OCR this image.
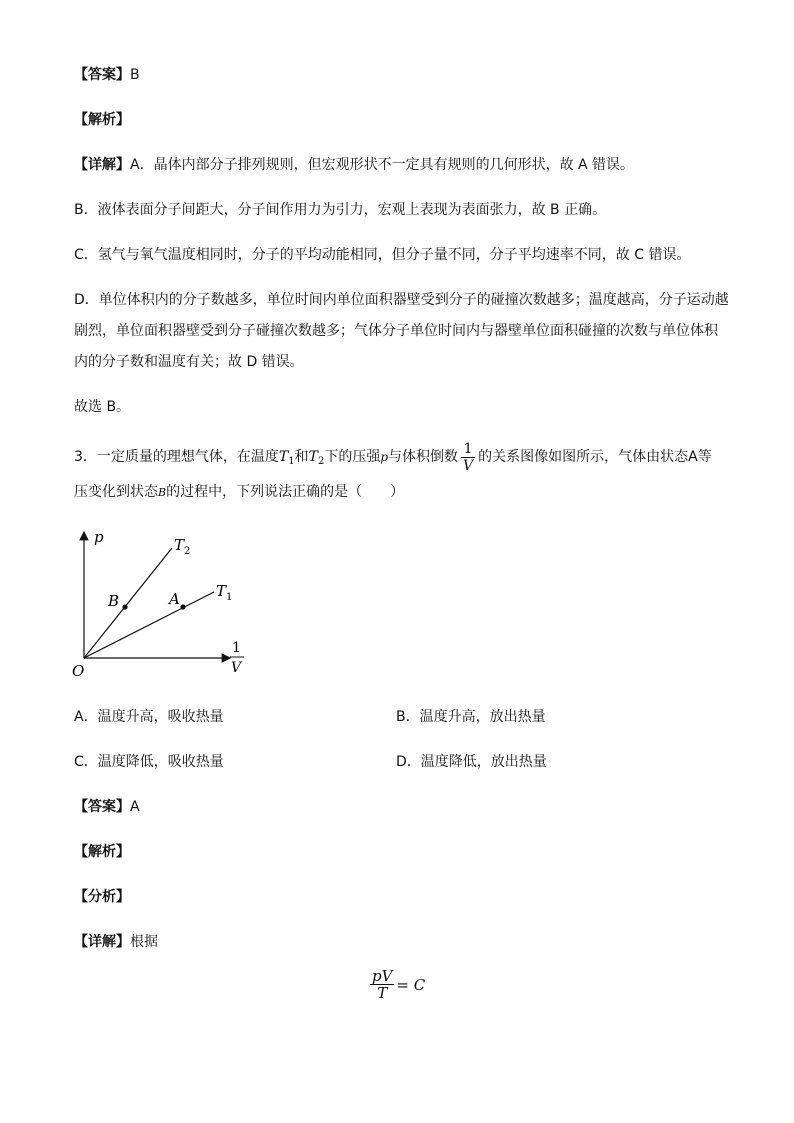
【答案】B
【解析】
【详解】A．晶体内部分子排列规则，但宏观形状不一定具有规则的几何形状，故 A 错误。
B．液体表面分子间距大，分子间作用力为引力，宏观上表现为表面张力，故 B 正确。
C．氢气与氧气温度相同时，分子的平均动能相同，但分子量不同，分子平均速率不同，故 C 错误。
D．单位体积内的分子数越多，单位时间内单位面积器壁受到分子的碰撞次数越多；温度越高，分子运动越
剧烈，单位面积器壁受到分子碰撞次数越多；气体分子单位时间内与器壁单位面积碰撞的次数与单位体积
内的分子数和温度有关；故 D 错误。
故选 B。
3．一定质量的理想气体，在温度$T_1$和$T_2$下的压强p与体积倒数 $\frac{1}{V}$ 的关系图像如图所示，气体由状态A等
压变化到状态B的过程中，下列说法正确的是（　　）
p	$T_2$
$T_1$
B	A
O
1
V
A．温度升高，吸收热量	B．温度升高，放出热量
C．温度降低，吸收热量	D．温度降低，放出热量
【答案】A
【解析】
【分析】
【详解】根据
$\frac{pV}{T} = C$
